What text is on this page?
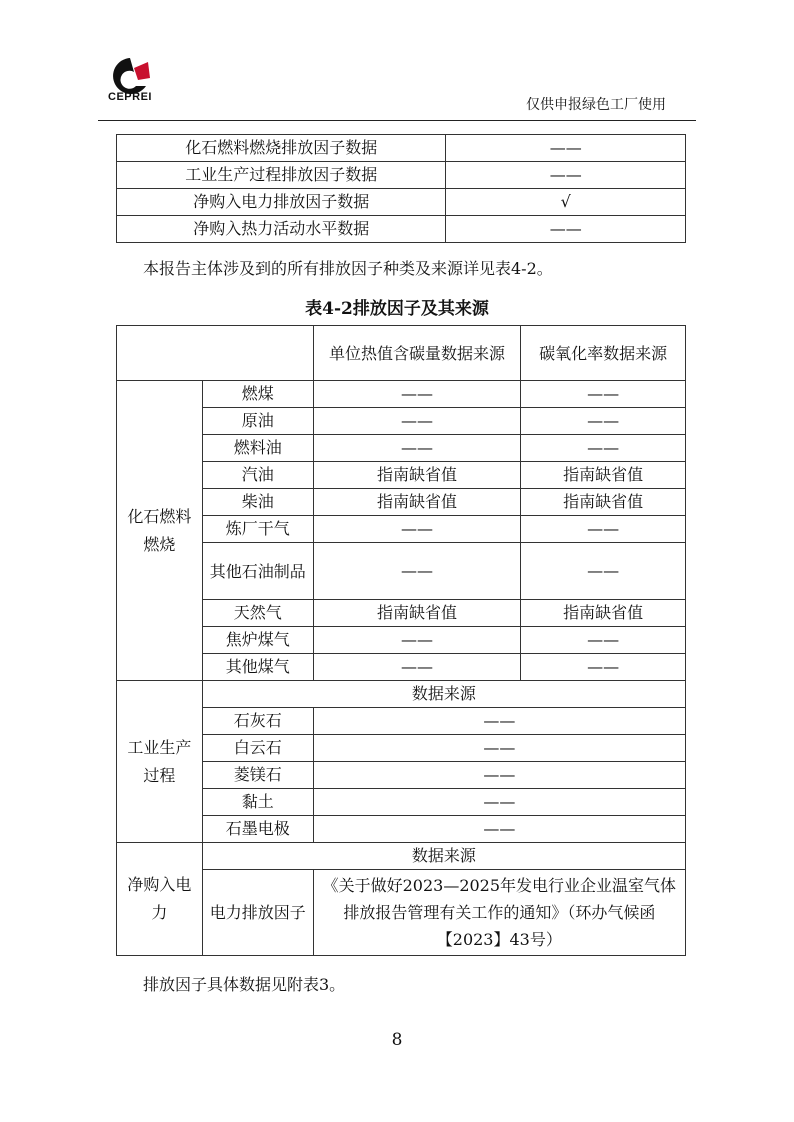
CEPREI	仅供申报绿色工厂使用
化石燃料燃烧排放因子数据	——
工业生产过程排放因子数据	——
净购入电力排放因子数据	√
净购入热力活动水平数据	——
本报告主体涉及到的所有排放因子种类及来源详见表4-2。
表4-2排放因子及其来源
		单位热值含碳量数据来源	碳氧化率数据来源
化石燃料燃烧	燃煤	——	——
	原油	——	——
	燃料油	——	——
	汽油	指南缺省值	指南缺省值
	柴油	指南缺省值	指南缺省值
	炼厂干气	——	——
	其他石油制品	——	——
	天然气	指南缺省值	指南缺省值
	焦炉煤气	——	——
	其他煤气	——	——
工业生产过程	数据来源		
	石灰石	——	
	白云石	——	
	菱镁石	——	
	黏土	——	
	石墨电极	——	
净购入电力	数据来源		
	电力排放因子	《关于做好2023—2025年发电行业企业温室气体排放报告管理有关工作的通知》（环办气候函【2023】43号）	
排放因子具体数据见附表3。
8
